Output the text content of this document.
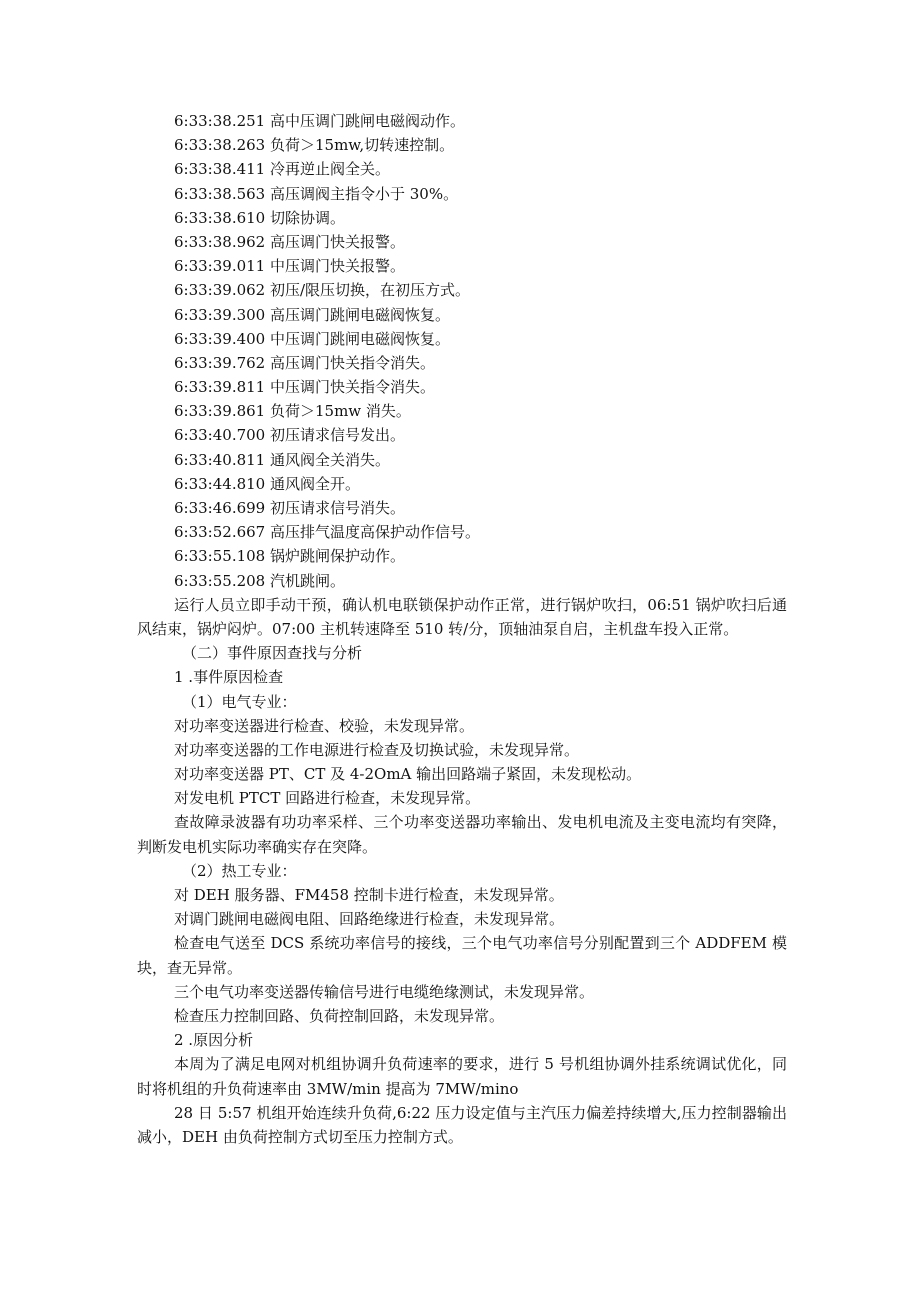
6:33:38.251 高中压调门跳闸电磁阀动作。
6:33:38.263 负荷＞15mw,切转速控制。
6:33:38.411 冷再逆止阀全关。
6:33:38.563 高压调阀主指令小于 30%。
6:33:38.610 切除协调。
6:33:38.962 高压调门快关报警。
6:33:39.011 中压调门快关报警。
6:33:39.062 初压/限压切换，在初压方式。
6:33:39.300 高压调门跳闸电磁阀恢复。
6:33:39.400 中压调门跳闸电磁阀恢复。
6:33:39.762 高压调门快关指令消失。
6:33:39.811 中压调门快关指令消失。
6:33:39.861 负荷＞15mw 消失。
6:33:40.700 初压请求信号发出。
6:33:40.811 通风阀全关消失。
6:33:44.810 通风阀全开。
6:33:46.699 初压请求信号消失。
6:33:52.667 高压排气温度高保护动作信号。
6:33:55.108 锅炉跳闸保护动作。
6:33:55.208 汽机跳闸。

运行人员立即手动干预，确认机电联锁保护动作正常，进行锅炉吹扫，06:51 锅炉吹扫后通风结束，锅炉闷炉。07:00 主机转速降至 510 转/分，顶轴油泵自启，主机盘车投入正常。

（二）事件原因查找与分析

1 .事件原因检查

（1）电气专业：

对功率变送器进行检查、校验，未发现异常。

对功率变送器的工作电源进行检查及切换试验，未发现异常。

对功率变送器 PT、CT 及 4-2OmA 输出回路端子紧固，未发现松动。

对发电机 PTCT 回路进行检查，未发现异常。

查故障录波器有功功率采样、三个功率变送器功率输出、发电机电流及主变电流均有突降，判断发电机实际功率确实存在突降。

（2）热工专业：

对 DEH 服务器、FM458 控制卡进行检查，未发现异常。

对调门跳闸电磁阀电阻、回路绝缘进行检查，未发现异常。

检查电气送至 DCS 系统功率信号的接线，三个电气功率信号分别配置到三个 ADDFEM 模块，查无异常。

三个电气功率变送器传输信号进行电缆绝缘测试，未发现异常。

检查压力控制回路、负荷控制回路，未发现异常。

2 .原因分析

本周为了满足电网对机组协调升负荷速率的要求，进行 5 号机组协调外挂系统调试优化，同时将机组的升负荷速率由 3MW/min 提高为 7MW/mino

28 日 5:57 机组开始连续升负荷,6:22 压力设定值与主汽压力偏差持续增大,压力控制器输出减小，DEH 由负荷控制方式切至压力控制方式。
